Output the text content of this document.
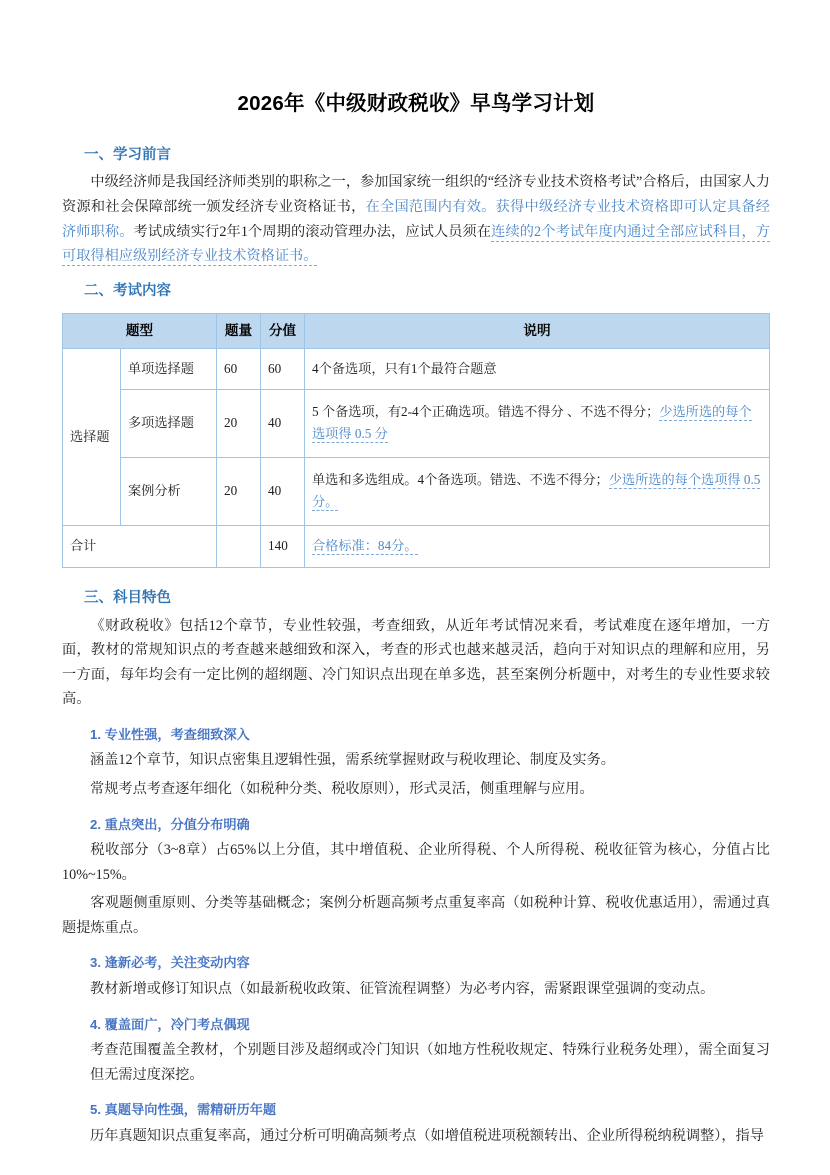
2026年《中级财政税收》早鸟学习计划
一、学习前言

中级经济师是我国经济师类别的职称之一，参加国家统一组织的“经济专业技术资格考试”合格后，由国家人力资源和社会保障部统一颁发经济专业资格证书，在全国范围内有效。获得中级经济专业技术资格即可认定具备经济师职称。考试成绩实行2年1个周期的滚动管理办法，应试人员须在连续的2个考试年度内通过全部应试科目，方可取得相应级别经济专业技术资格证书。

二、考试内容
题型		题量	分值	说明
选择题	单项选择题	60	60	4个备选项，只有1个最符合题意
	多项选择题	20	40	5 个备选项，有2-4个正确选项。错选不得分 、不选不得分；少选所选的每个选项得 0.5 分
	案例分析	20	40	单选和多选组成。4个备选项。错选、不选不得分；少选所选的每个选项得 0.5 分。
合计			140	合格标准：84分。
三、科目特色

《财政税收》包括12个章节，专业性较强，考查细致，从近年考试情况来看，考试难度在逐年增加，一方面，教材的常规知识点的考查越来越细致和深入，考查的形式也越来越灵活，趋向于对知识点的理解和应用，另一方面，每年均会有一定比例的超纲题、冷门知识点出现在单多选，甚至案例分析题中，对考生的专业性要求较高。

1. 专业性强，考查细致深入

涵盖12个章节，知识点密集且逻辑性强，需系统掌握财政与税收理论、制度及实务。

常规考点考查逐年细化（如税种分类、税收原则），形式灵活，侧重理解与应用。

2. 重点突出，分值分布明确

税收部分（3~8章）占65%以上分值，其中增值税、企业所得税、个人所得税、税收征管为核心，分值占比10%~15%。

客观题侧重原则、分类等基础概念；案例分析题高频考点重复率高（如税种计算、税收优惠适用），需通过真题提炼重点。

3. 逢新必考，关注变动内容

教材新增或修订知识点（如最新税收政策、征管流程调整）为必考内容，需紧跟课堂强调的变动点。

4. 覆盖面广，冷门考点偶现

考查范围覆盖全教材，个别题目涉及超纲或冷门知识（如地方性税收规定、特殊行业税务处理），需全面复习但无需过度深挖。

5. 真题导向性强，需精研历年题

历年真题知识点重复率高，通过分析可明确高频考点（如增值税进项税额转出、企业所得税纳税调整），指导
